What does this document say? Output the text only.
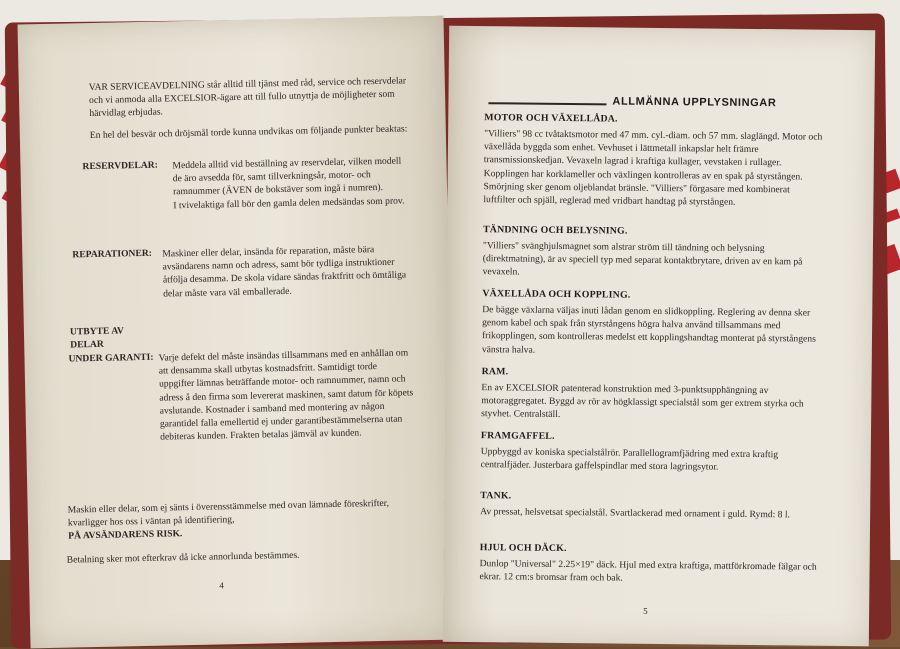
VAR SERVICEAVDELNING står alltid till tjänst med råd, service och reservdelar och vi anmoda alla EXCELSIOR-ägare att till fullo utnyttja de möjligheter som härvidlag erbjudas.

En hel del besvär och dröjsmål torde kunna undvikas om följande punkter beaktas:

RESERVDELAR: Meddela alltid vid beställning av reservdelar, vilken modell de äro avsedda för, samt tillverkningsår, motor- och ramnummer (ÄVEN de bokstäver som ingå i numren).

I tvivelaktiga fall bör den gamla delen medsändas som prov.

REPARATIONER: Maskiner eller delar, insända för reparation, måste bära avsändarens namn och adress, samt bör tydliga instruktioner åtfölja desamma. De skola vidare sändas fraktfritt och ömtåliga delar måste vara väl emballerade.

UTBYTE AV
DELAR
UNDER GARANTI: Varje defekt del måste insändas tillsammans med en anhållan om att densamma skall utbytas kostnadsfritt. Samtidigt torde uppgifter lämnas beträffande motor- och ramnummer, namn och adress å den firma som levererat maskinen, samt datum för köpets avslutande. Kostnader i samband med montering av någon garantidel falla emellertid ej under garantibestämmelserna utan debiteras kunden. Frakten betalas jämväl av kunden.

Maskin eller delar, som ej sänts i överensstämmelse med ovan lämnade föreskrifter, kvarligger hos oss i väntan på identifiering,

PÅ AVSÄNDARENS RISK.

Betalning sker mot efterkrav då icke annorlunda bestämmes.

4
ALLMÄNNA UPPLYSNINGAR
MOTOR OCH VÄXELLÅDA.

"Villiers" 98 cc tvåtaktsmotor med 47 mm. cyl.-diam. och 57 mm. slaglängd. Motor och växellåda byggda som enhet. Vevhuset i lättmetall inkapslar helt främre transmissionskedjan. Vevaxeln lagrad i kraftiga kullager, vevstaken i rullager. Kopplingen har korklameller och växlingen kontrolleras av en spak på styrstången. Smörjning sker genom oljeblandat bränsle. "Villiers" förgasare med kombinerat luftfilter och spjäll, reglerad med vridbart handtag på styrstången.

TÄNDNING OCH BELYSNING.

"Villiers" svänghjulsmagnet som alstrar ström till tändning och belysning (direktmatning), är av speciell typ med separat kontaktbrytare, driven av en kam på vevaxeln.

VÄXELLÅDA OCH KOPPLING.

De bägge växlarna väljas inuti lådan genom en slidkoppling. Reglering av denna sker genom kabel och spak från styrstångens högra halva använd tillsammans med frikopplingen, som kontrolleras medelst ett kopplingshandtag monterat på styrstångens vänstra halva.

RAM.

En av EXCELSIOR patenterad konstruktion med 3-punktsupphängning av motoraggregatet. Byggd av rör av högklassigt specialstål som ger extrem styrka och styvhet. Centralställ.

FRAMGAFFEL.

Uppbyggd av koniska specialstålrör. Parallellogramfjädring med extra kraftig centralfjäder. Justerbara gaffelspindlar med stora lagringsytor.

TANK.

Av pressat, helsvetsat specialstål. Svartlackerad med ornament i guld. Rymd: 8 l.

HJUL OCH DÄCK.

Dunlop "Universal" 2.25×19" däck. Hjul med extra kraftiga, mattförkromade fälgar och ekrar. 12 cm:s bromsar fram och bak.

5
